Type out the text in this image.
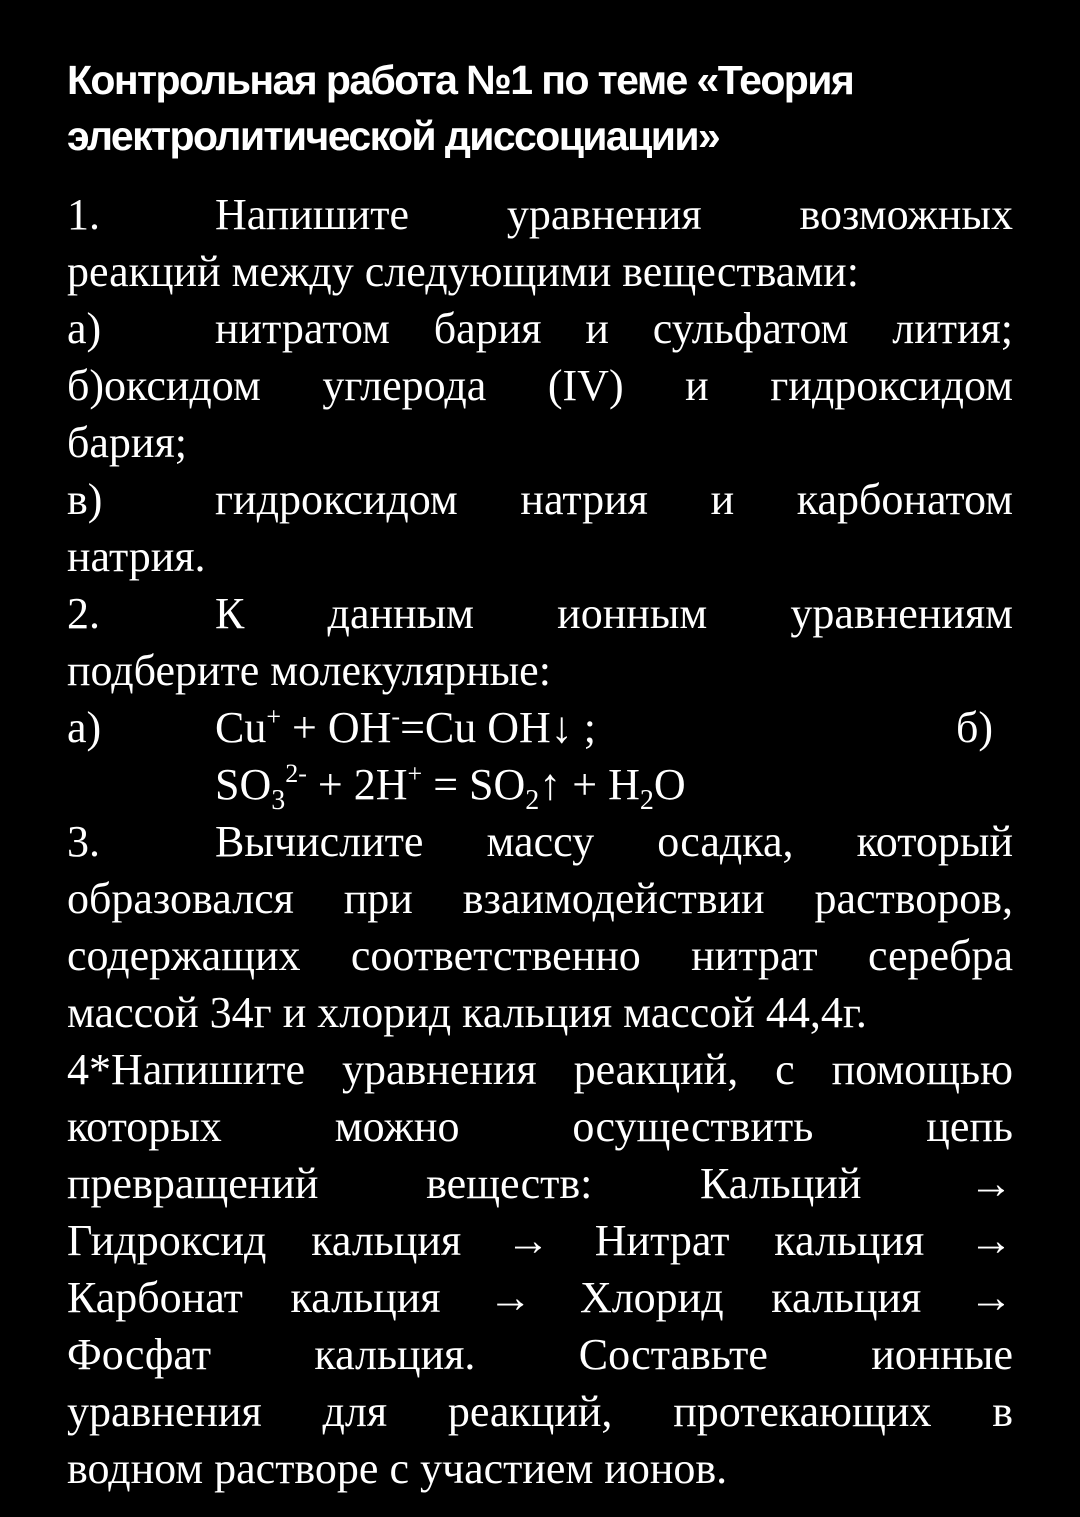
Контрольная работа №1 по теме «Теория
электролитической диссоциации»
1.	Напишите уравнения возможных
реакций между следующими веществами:
а)	нитратом бария и сульфатом лития;
б)оксидом углерода (IV) и гидроксидом
бария;
в)	гидроксидом натрия и карбонатом
натрия.
2.	К данным ионным уравнениям
подберите молекулярные:
а)	Cu+ + OH-=Cu OH↓ ;	б)
$SO_3^{2-} + 2H^+$ = $SO_2↑ + H_2O$
3.	Вычислите массу осадка, который
образовался при взаимодействии растворов,
содержащих соответственно нитрат серебра
массой 34г и хлорид кальция массой 44,4г.
4*Напишите уравнения реакций, с помощью
которых можно осуществить цепь
превращений веществ: Кальций →
Гидроксид кальция → Нитрат кальция →
Карбонат кальция → Хлорид кальция →
Фосфат кальция. Составьте ионные
уравнения для реакций, протекающих в
водном растворе с участием ионов.
